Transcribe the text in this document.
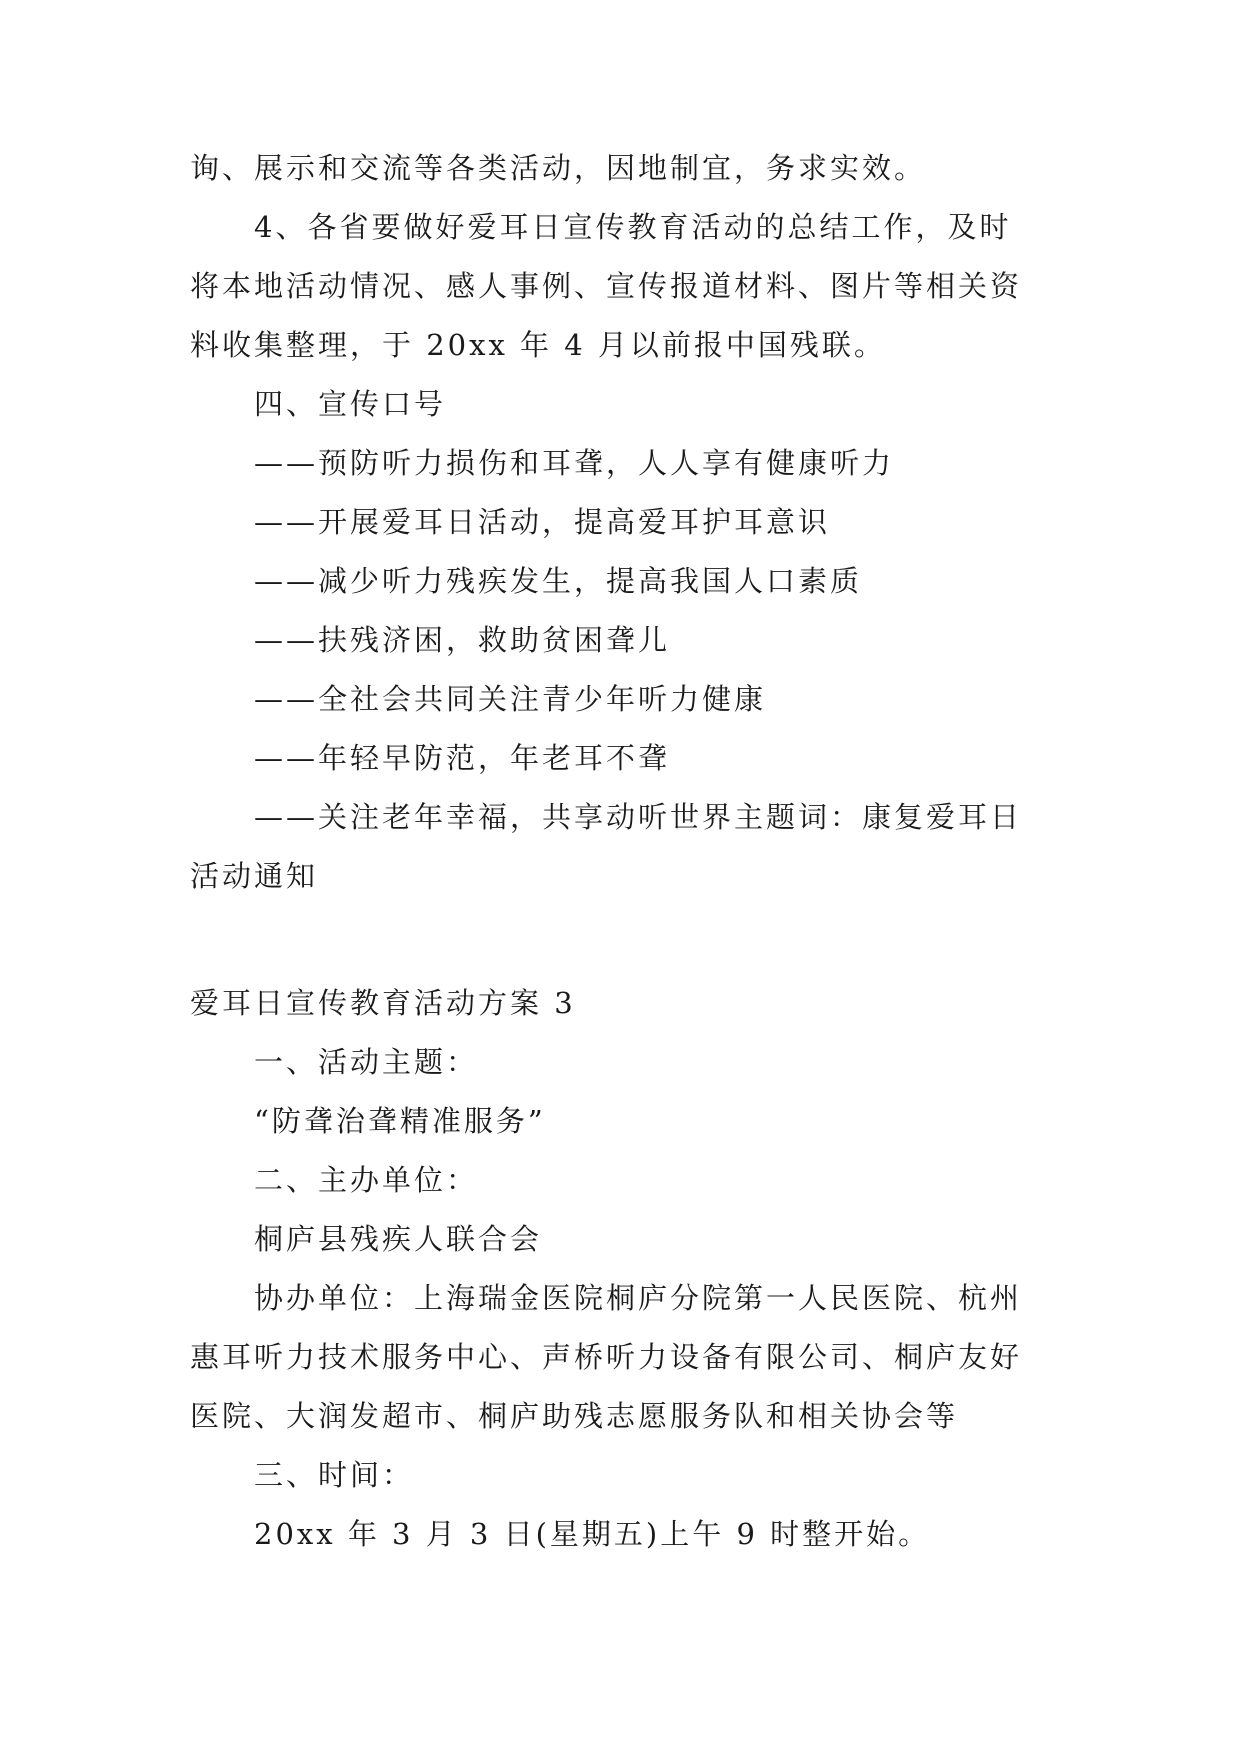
询、展示和交流等各类活动，因地制宜，务求实效。
4、各省要做好爱耳日宣传教育活动的总结工作，及时
将本地活动情况、感人事例、宣传报道材料、图片等相关资
料收集整理，于 20xx 年 4 月以前报中国残联。
四、宣传口号
——预防听力损伤和耳聋，人人享有健康听力
——开展爱耳日活动，提高爱耳护耳意识
——减少听力残疾发生，提高我国人口素质
——扶残济困，救助贫困聋儿
——全社会共同关注青少年听力健康
——年轻早防范，年老耳不聋
——关注老年幸福，共享动听世界主题词：康复爱耳日
活动通知
爱耳日宣传教育活动方案 3
一、活动主题：
“防聋治聋精准服务”
二、主办单位：
桐庐县残疾人联合会
协办单位：上海瑞金医院桐庐分院第一人民医院、杭州
惠耳听力技术服务中心、声桥听力设备有限公司、桐庐友好
医院、大润发超市、桐庐助残志愿服务队和相关协会等
三、时间：
20xx 年 3 月 3 日(星期五)上午 9 时整开始。
